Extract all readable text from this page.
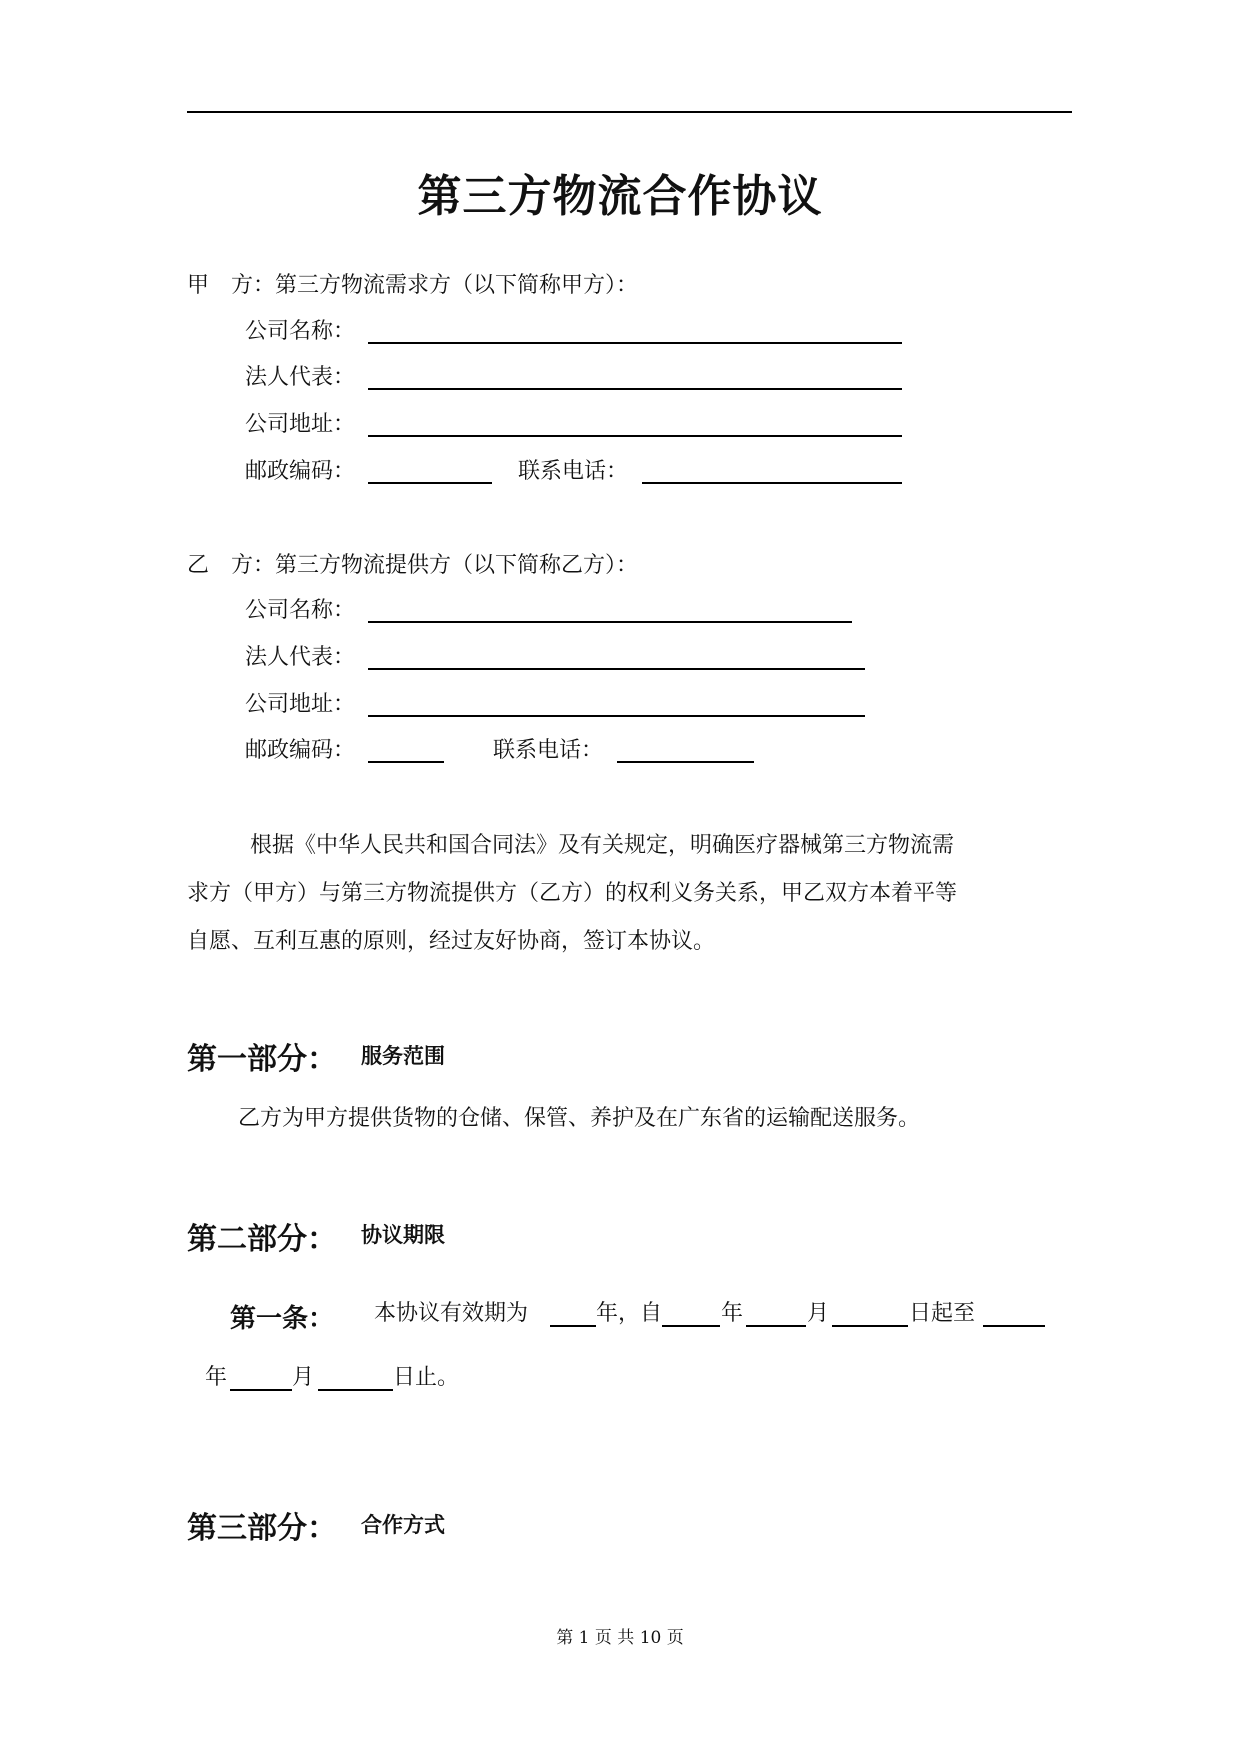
第三方物流合作协议
甲　方：第三方物流需求方（以下简称甲方）：
公司名称：
法人代表：
公司地址：
邮政编码：	联系电话：
乙　方：第三方物流提供方（以下简称乙方）：
公司名称：
法人代表：
公司地址：
邮政编码：	联系电话：
根据《中华人民共和国合同法》及有关规定，明确医疗器械第三方物流需
求方（甲方）与第三方物流提供方（乙方）的权利义务关系，甲乙双方本着平等
自愿、互利互惠的原则，经过友好协商，签订本协议。
第一部分： 服务范围
乙方为甲方提供货物的仓储、保管、养护及在广东省的运输配送服务。
第二部分： 协议期限
第一条： 本协议有效期为	年，自	年	月	日起至
年	月	日止。
第三部分： 合作方式
第 1 页 共 10 页
